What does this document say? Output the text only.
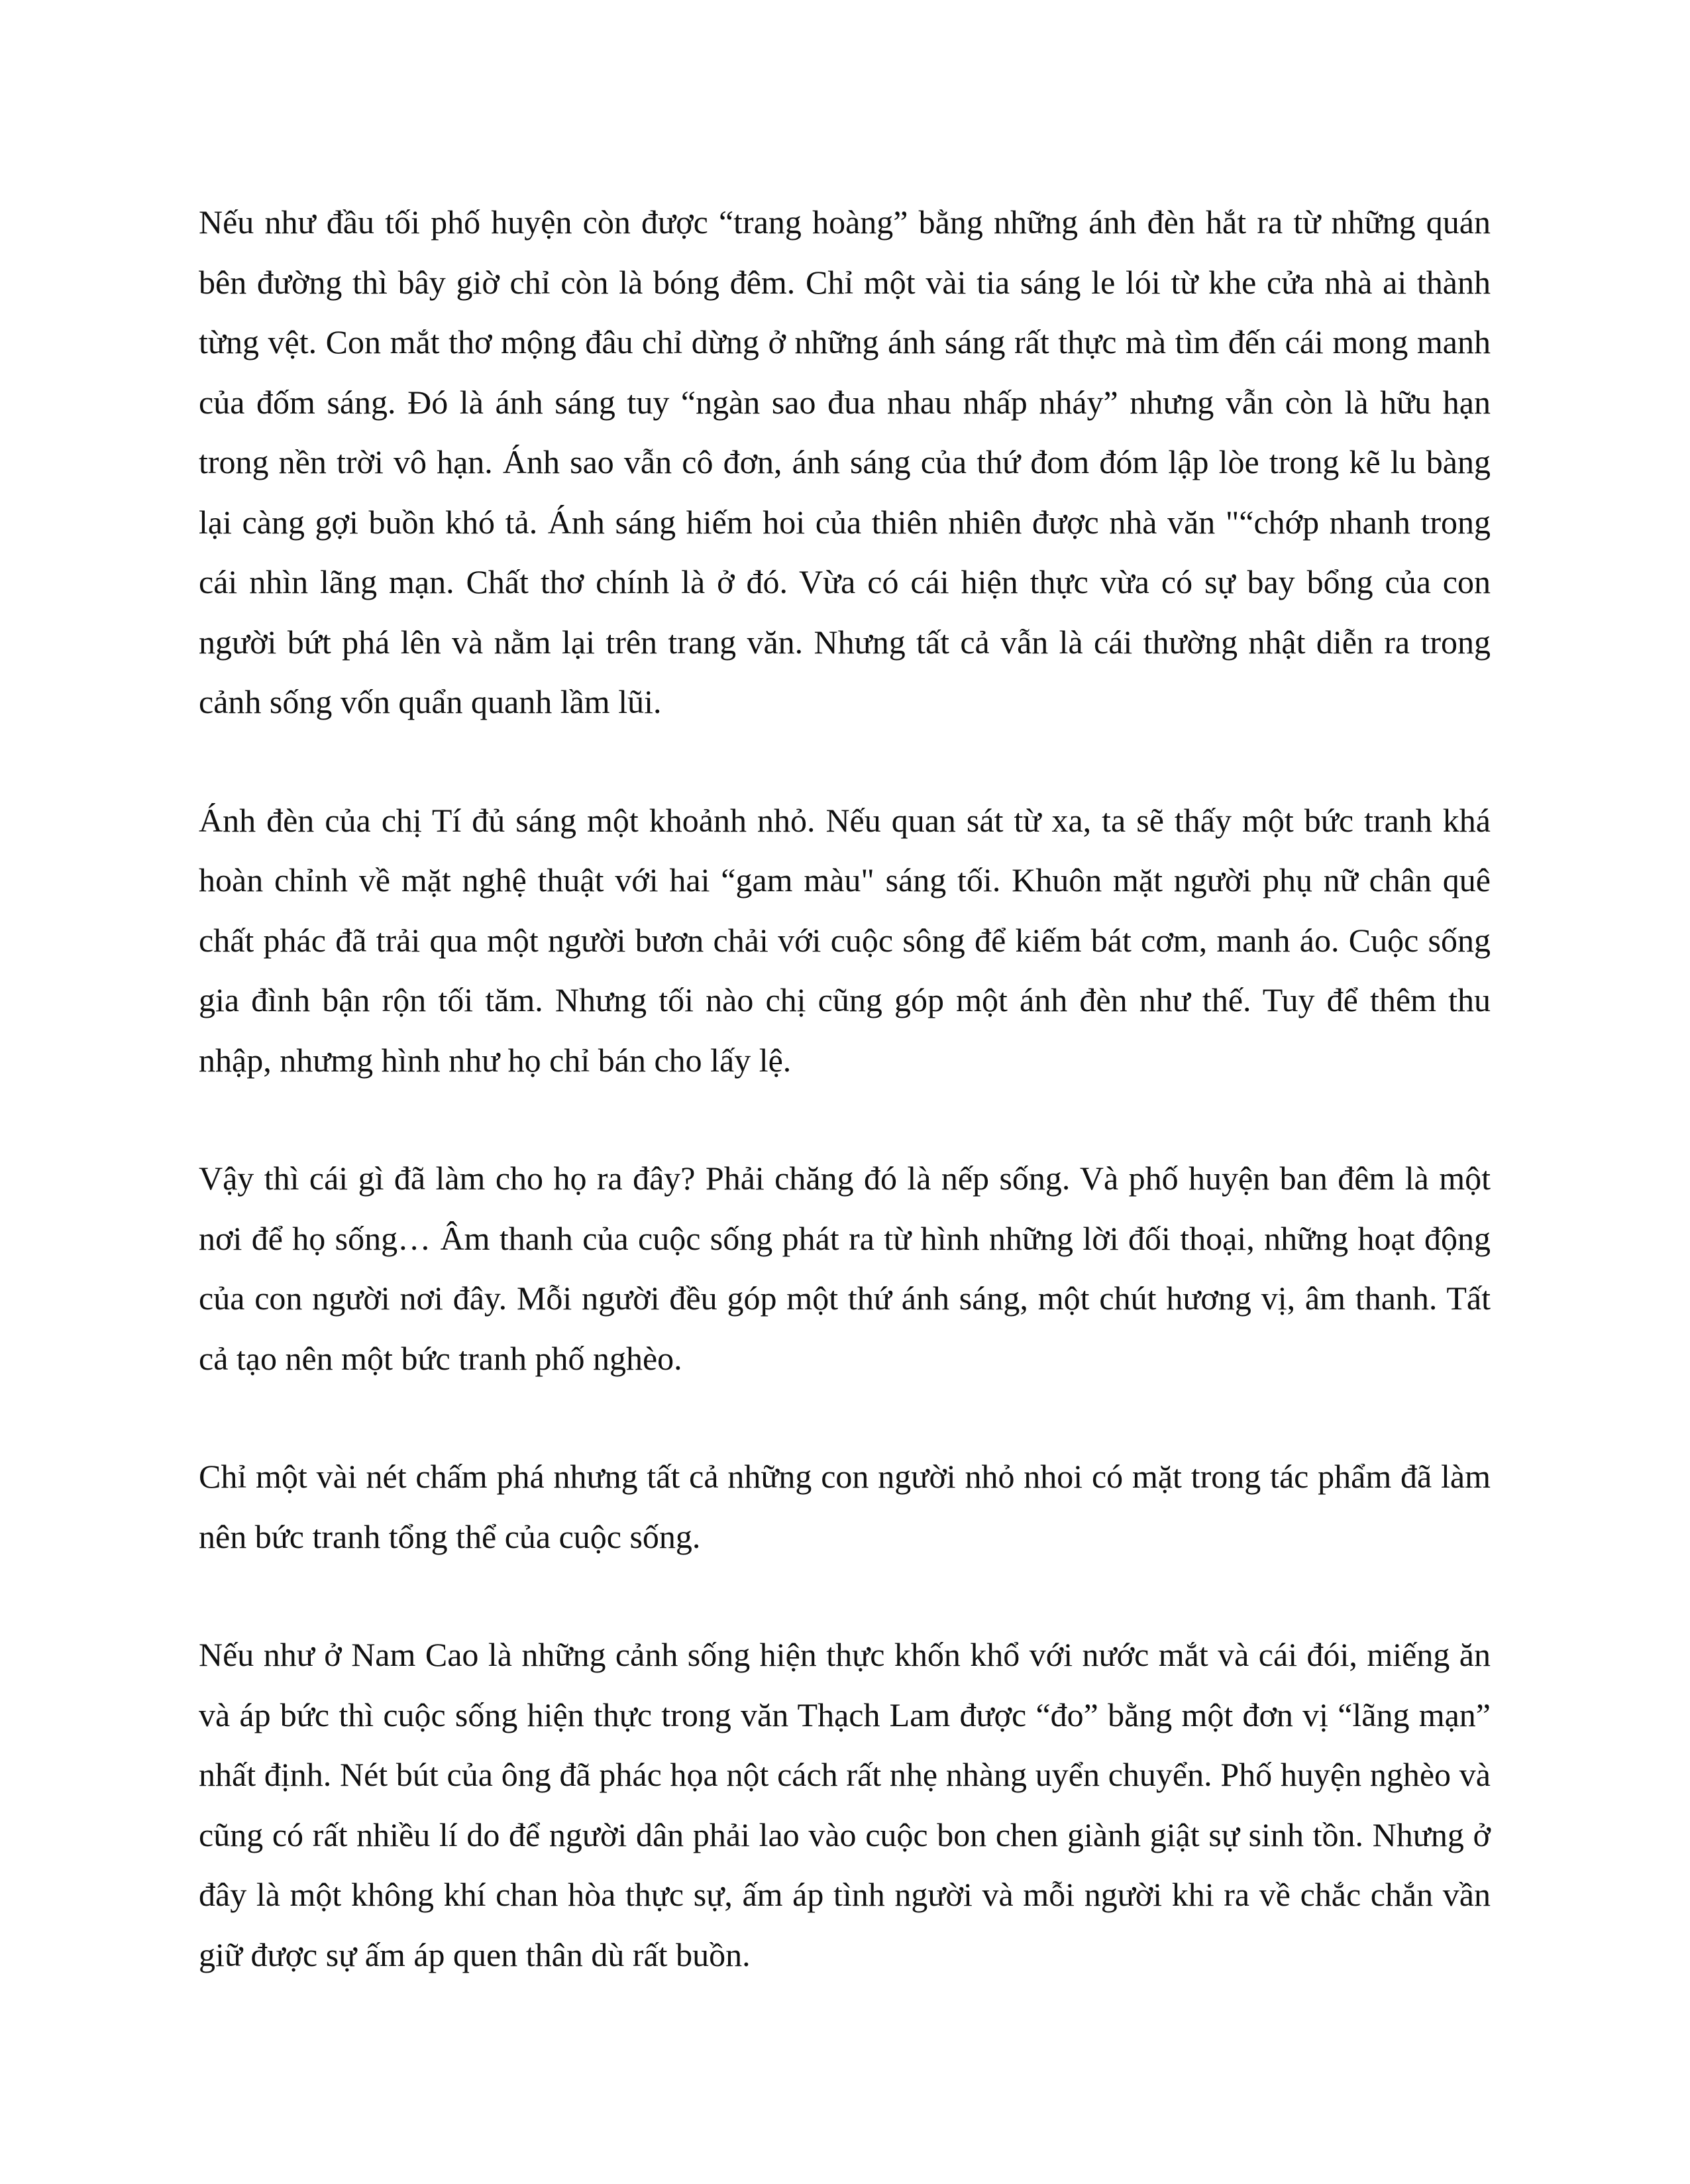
Nếu như đầu tối phố huyện còn được “trang hoàng” bằng những ánh đèn hắt ra từ những quán bên đường thì bây giờ chỉ còn là bóng đêm. Chỉ một vài tia sáng le lói từ khe cửa nhà ai thành từng vệt. Con mắt thơ mộng đâu chỉ dừng ở những ánh sáng rất thực mà tìm đến cái mong manh của đốm sáng. Đó là ánh sáng tuy “ngàn sao đua nhau nhấp nháy” nhưng vẫn còn là hữu hạn trong nền trời vô hạn. Ánh sao vẫn cô đơn, ánh sáng của thứ đom đóm lập lòe trong kẽ lu bàng lại càng gợi buồn khó tả. Ánh sáng hiếm hoi của thiên nhiên được nhà văn "“chớp nhanh trong cái nhìn lãng mạn. Chất thơ chính là ở đó. Vừa có cái hiện thực vừa có sự bay bổng của con người bứt phá lên và nằm lại trên trang văn. Nhưng tất cả vẫn là cái thường nhật diễn ra trong cảnh sống vốn quẩn quanh lầm lũi.

Ánh đèn của chị Tí đủ sáng một khoảnh nhỏ. Nếu quan sát từ xa, ta sẽ thấy một bức tranh khá hoàn chỉnh về mặt nghệ thuật với hai “gam màu" sáng tối. Khuôn mặt người phụ nữ chân quê chất phác đã trải qua một người bươn chải với cuộc sông để kiếm bát cơm, manh áo. Cuộc sống gia đình bận rộn tối tăm. Nhưng tối nào chị cũng góp một ánh đèn như thế. Tuy để thêm thu nhập, nhưmg hình như họ chỉ bán cho lấy lệ.

Vậy thì cái gì đã làm cho họ ra đây? Phải chăng đó là nếp sống. Và phố huyện ban đêm là một nơi để họ sống… Âm thanh của cuộc sống phát ra từ hình những lời đối thoại, những hoạt động của con người nơi đây. Mỗi người đều góp một thứ ánh sáng, một chút hương vị, âm thanh. Tất cả tạo nên một bức tranh phố nghèo.

Chỉ một vài nét chấm phá nhưng tất cả những con người nhỏ nhoi có mặt trong tác phẩm đã làm nên bức tranh tổng thể của cuộc sống.

Nếu như ở Nam Cao là những cảnh sống hiện thực khốn khổ với nước mắt và cái đói, miếng ăn và áp bức thì cuộc sống hiện thực trong văn Thạch Lam được “đo” bằng một đơn vị “lãng mạn” nhất định. Nét bút của ông đã phác họa nột cách rất nhẹ nhàng uyển chuyển. Phố huyện nghèo và cũng có rất nhiều lí do để người dân phải lao vào cuộc bon chen giành giật sự sinh tồn. Nhưng ở đây là một không khí chan hòa thực sự, ấm áp tình người và mỗi người khi ra về chắc chắn vần giữ được sự ấm áp quen thân dù rất buồn.
